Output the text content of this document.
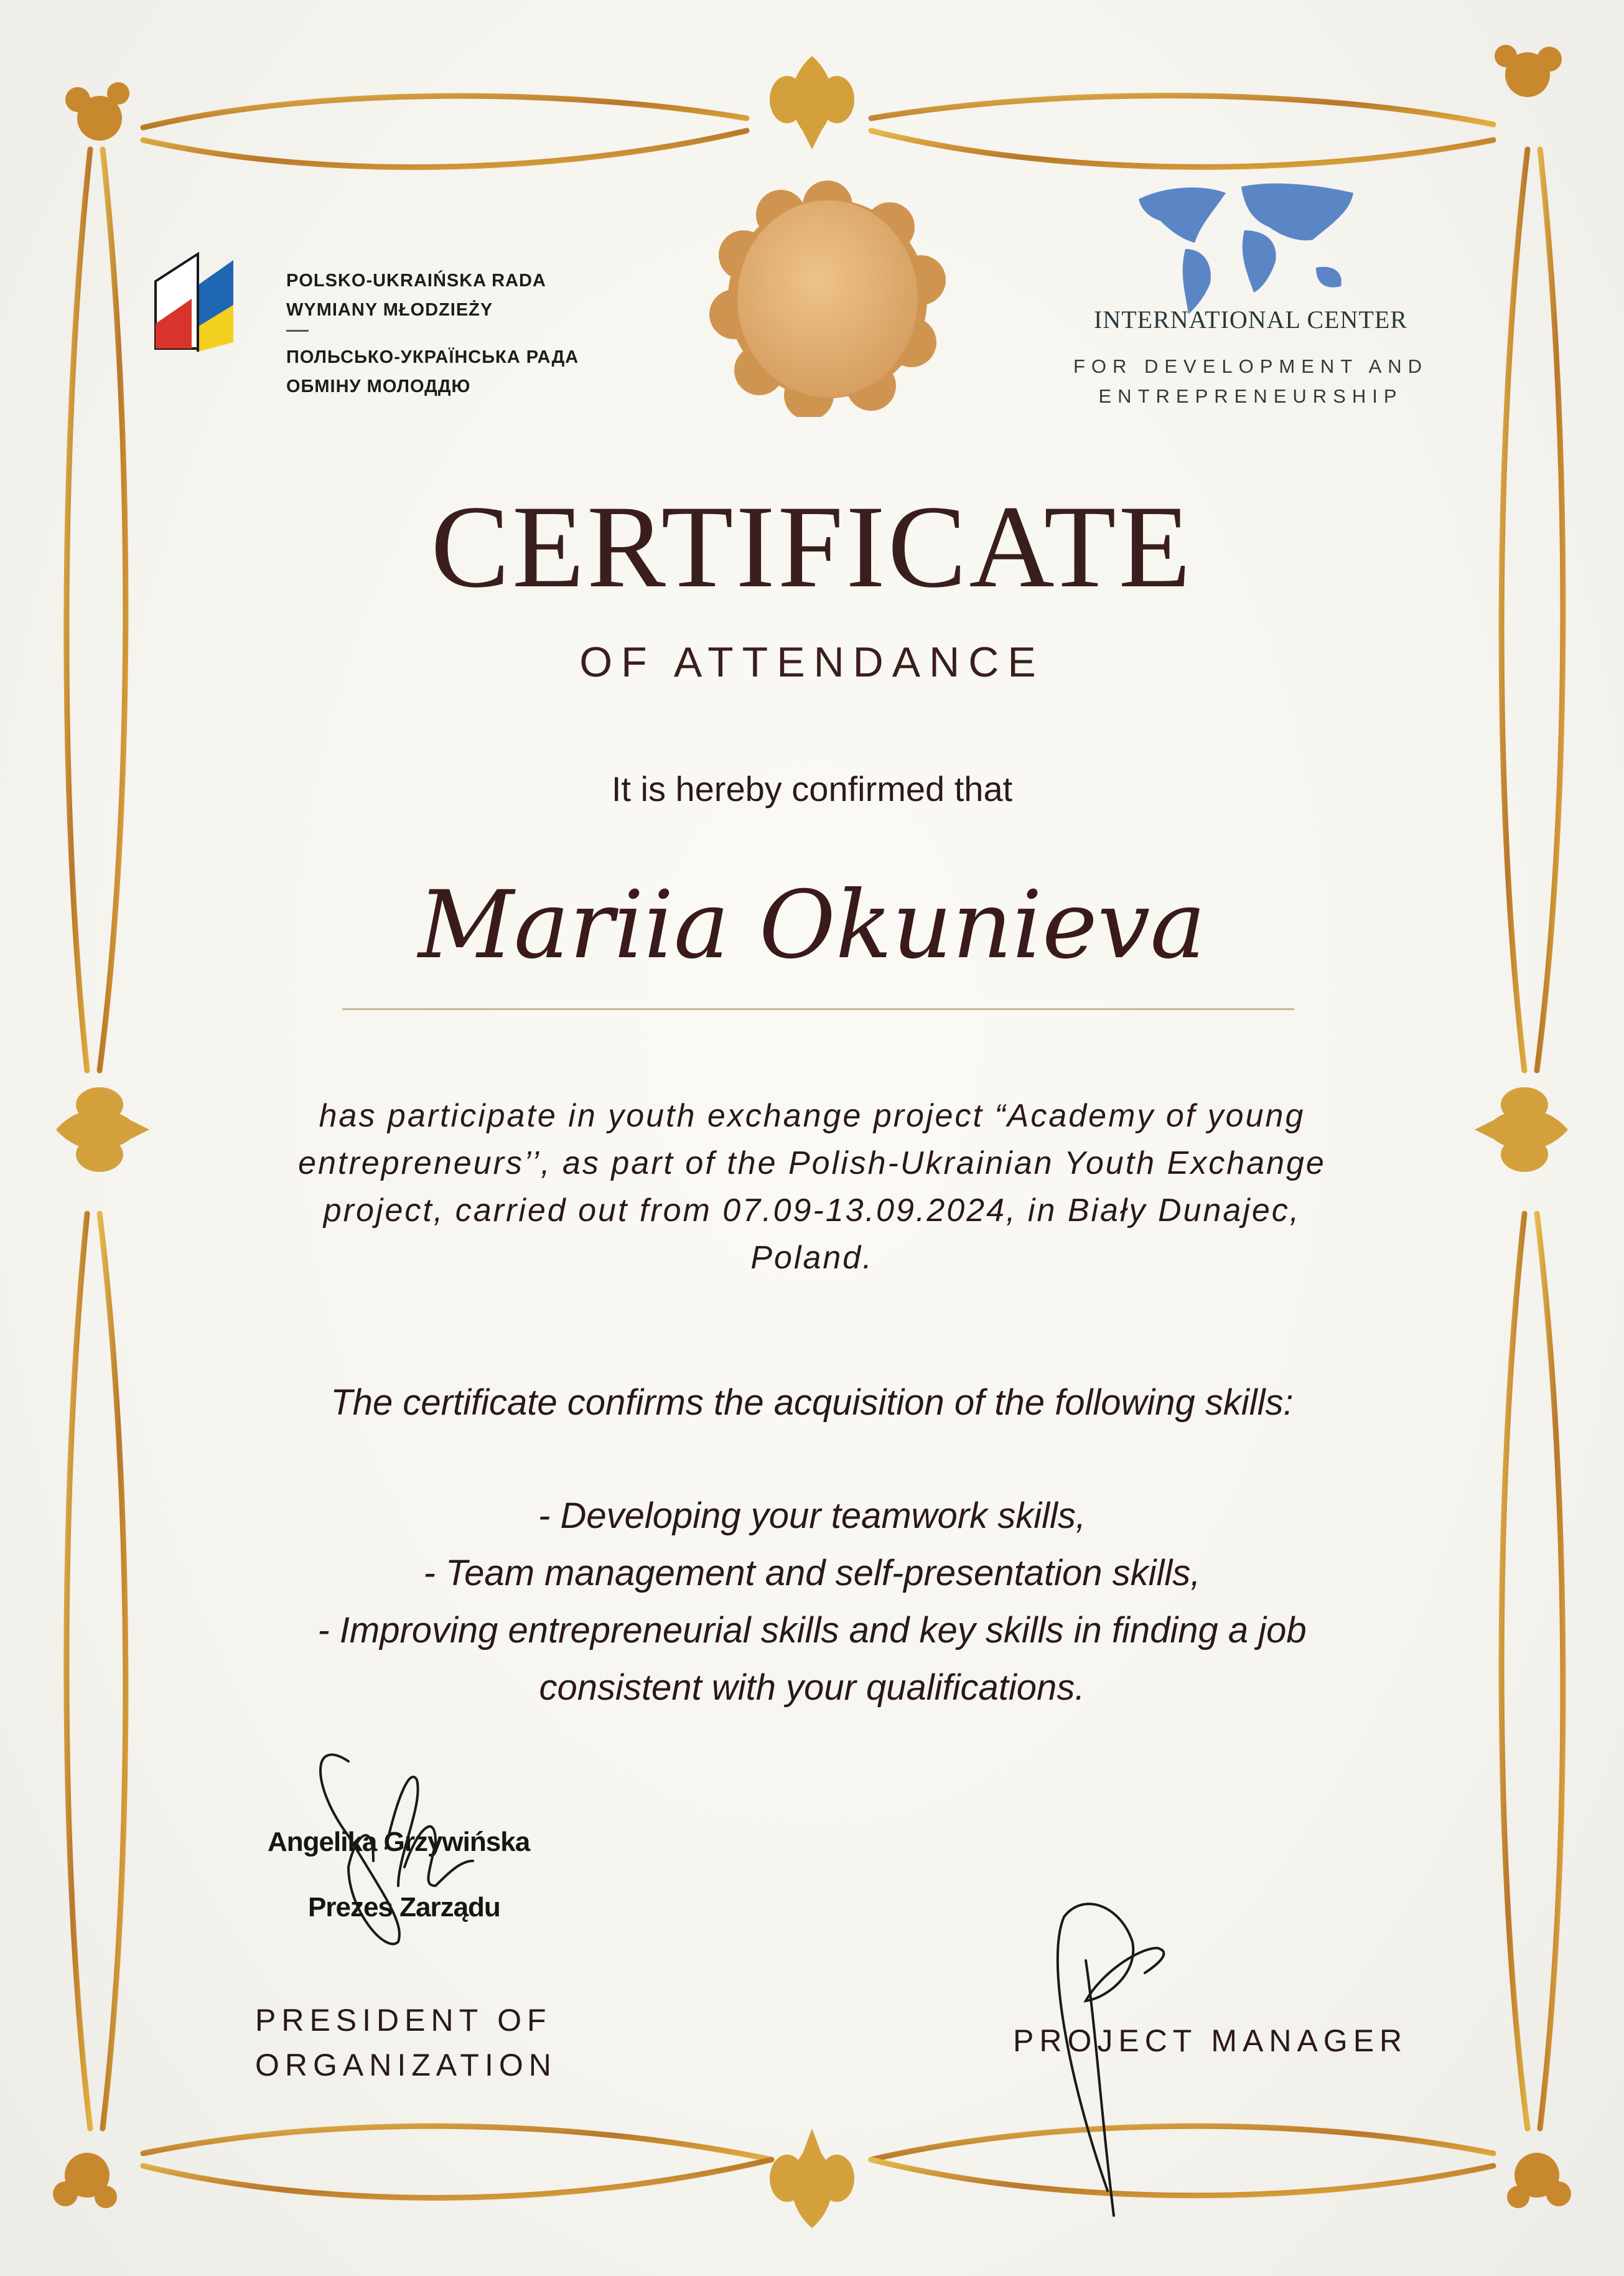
POLSKO-UKRAIŃSKA RADA
WYMIANY MŁODZIEŻY
ПОЛЬСЬКО-УКРАЇНСЬКА РАДА
ОБМІНУ МОЛОДДЮ
INTERNATIONAL CENTER
FOR DEVELOPMENT AND
ENTREPRENEURSHIP
CERTIFICATE
OF ATTENDANCE
It is hereby confirmed that
Mariia Okunieva
has participate in youth exchange project “Academy of young
entrepreneurs’’, as part of the Polish-Ukrainian Youth Exchange
project, carried out from 07.09-13.09.2024, in Biały Dunajec,
Poland.
The certificate confirms the acquisition of the following skills:
- Developing your teamwork skills,
- Team management and self-presentation skills,
- Improving entrepreneurial skills and key skills in finding a job
consistent with your qualifications.
Angelika Grzywińska
Prezes Zarządu
PRESIDENT OF
ORGANIZATION
PROJECT MANAGER
